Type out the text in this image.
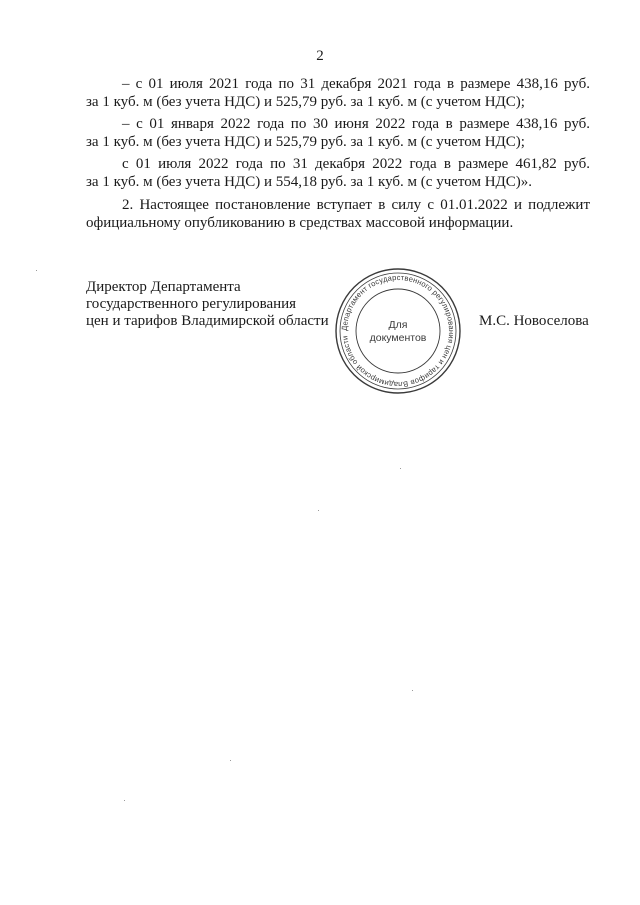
2
– с 01 июля 2021 года по 31 декабря 2021 года в размере 438,16 руб.
за 1 куб. м (без учета НДС) и 525,79 руб. за 1 куб. м (с учетом НДС);
– с 01 января 2022 года по 30 июня 2022 года в размере 438,16 руб.
за 1 куб. м (без учета НДС) и 525,79 руб. за 1 куб. м (с учетом НДС);
с 01 июля 2022 года по 31 декабря 2022 года в размере 461,82 руб.
за 1 куб. м (без учета НДС) и 554,18 руб. за 1 куб. м (с учетом НДС)».
2. Настоящее постановление вступает в силу с 01.01.2022 и подлежит
официальному опубликованию в средствах массовой информации.
Директор Департамента
государственного регулирования
цен и тарифов Владимирской области Департамент государственного регулирования цен и тарифов Владимирской области
Для
документов
М.С. Новоселова
